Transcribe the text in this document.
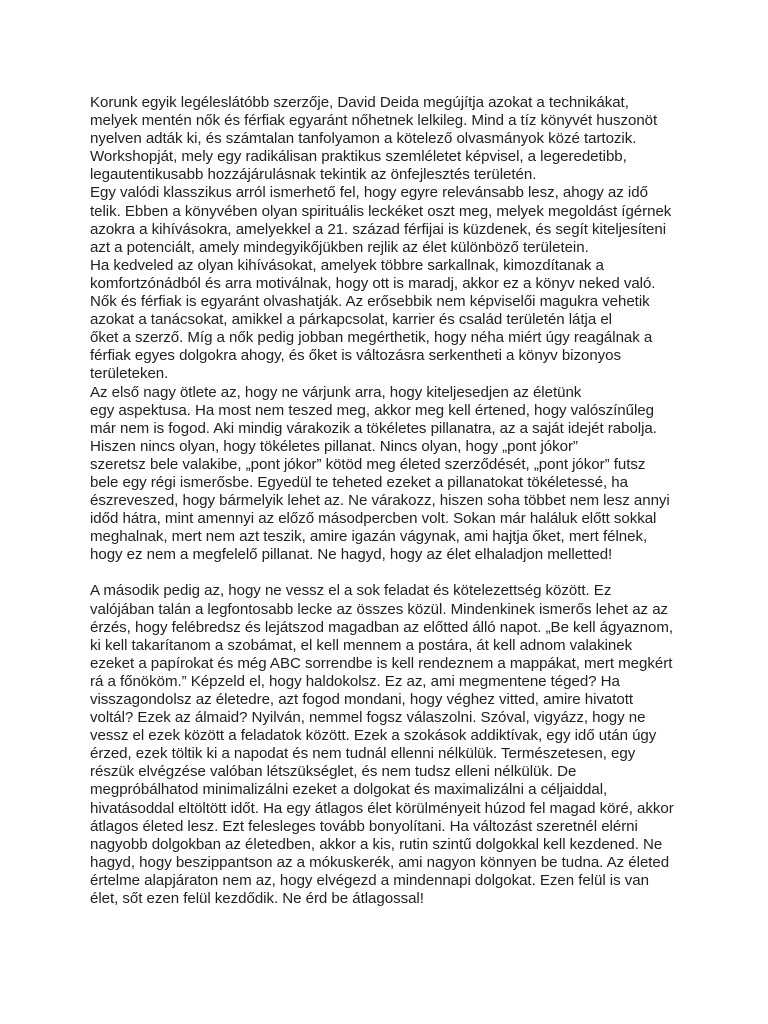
Korunk egyik legéleslátóbb szerzője, David Deida megújítja azokat a technikákat,
melyek mentén nők és férfiak egyaránt nőhetnek lelkileg. Mind a tíz könyvét huszonöt
nyelven adták ki, és számtalan tanfolyamon a kötelező olvasmányok közé tartozik.
Workshopját, mely egy radikálisan praktikus szemléletet képvisel, a legeredetibb,
legautentikusabb hozzájárulásnak tekintik az önfejlesztés területén.
Egy valódi klasszikus arról ismerhető fel, hogy egyre relevánsabb lesz, ahogy az idő
telik. Ebben a könyvében olyan spirituális leckéket oszt meg, melyek megoldást ígérnek
azokra a kihívásokra, amelyekkel a 21. század férfijai is küzdenek, és segít kiteljesíteni
azt a potenciált, amely mindegyikőjükben rejlik az élet különböző területein.
Ha kedveled az olyan kihívásokat, amelyek többre sarkallnak, kimozdítanak a
komfortzónádból és arra motiválnak, hogy ott is maradj, akkor ez a könyv neked való.
Nők és férfiak is egyaránt olvashatják. Az erősebbik nem képviselői magukra vehetik
azokat a tanácsokat, amikkel a párkapcsolat, karrier és család területén látja el
őket a szerző. Míg a nők pedig jobban megérthetik, hogy néha miért úgy reagálnak a
férfiak egyes dolgokra ahogy, és őket is változásra serkentheti a könyv bizonyos
területeken.
Az első nagy ötlete az, hogy ne várjunk arra, hogy kiteljesedjen az életünk
egy aspektusa. Ha most nem teszed meg, akkor meg kell értened, hogy valószínűleg
már nem is fogod. Aki mindig várakozik a tökéletes pillanatra, az a saját idejét rabolja.
Hiszen nincs olyan, hogy tökéletes pillanat. Nincs olyan, hogy „pont jókor”
szeretsz bele valakibe, „pont jókor” kötöd meg életed szerződését, „pont jókor” futsz
bele egy régi ismerősbe. Egyedül te teheted ezeket a pillanatokat tökéletessé, ha
észreveszed, hogy bármelyik lehet az. Ne várakozz, hiszen soha többet nem lesz annyi
időd hátra, mint amennyi az előző másodpercben volt. Sokan már haláluk előtt sokkal
meghalnak, mert nem azt teszik, amire igazán vágynak, ami hajtja őket, mert félnek,
hogy ez nem a megfelelő pillanat. Ne hagyd, hogy az élet elhaladjon melletted!
A második pedig az, hogy ne vessz el a sok feladat és kötelezettség között. Ez
valójában talán a legfontosabb lecke az összes közül. Mindenkinek ismerős lehet az az
érzés, hogy felébredsz és lejátszod magadban az előtted álló napot. „Be kell ágyaznom,
ki kell takarítanom a szobámat, el kell mennem a postára, át kell adnom valakinek
ezeket a papírokat és még ABC sorrendbe is kell rendeznem a mappákat, mert megkért
rá a főnököm.” Képzeld el, hogy haldokolsz. Ez az, ami megmentene téged? Ha
visszagondolsz az életedre, azt fogod mondani, hogy véghez vitted, amire hivatott
voltál? Ezek az álmaid? Nyilván, nemmel fogsz válaszolni. Szóval, vigyázz, hogy ne
vessz el ezek között a feladatok között. Ezek a szokások addiktívak, egy idő után úgy
érzed, ezek töltik ki a napodat és nem tudnál ellenni nélkülük. Természetesen, egy
részük elvégzése valóban létszükséglet, és nem tudsz elleni nélkülük. De
megpróbálhatod minimalizálni ezeket a dolgokat és maximalizálni a céljaiddal,
hivatásoddal eltöltött időt. Ha egy átlagos élet körülményeit húzod fel magad köré, akkor
átlagos életed lesz. Ezt felesleges tovább bonyolítani. Ha változást szeretnél elérni
nagyobb dolgokban az életedben, akkor a kis, rutin szintű dolgokkal kell kezdened. Ne
hagyd, hogy beszippantson az a mókuskerék, ami nagyon könnyen be tudna. Az életed
értelme alapjáraton nem az, hogy elvégezd a mindennapi dolgokat. Ezen felül is van
élet, sőt ezen felül kezdődik. Ne érd be átlagossal!
